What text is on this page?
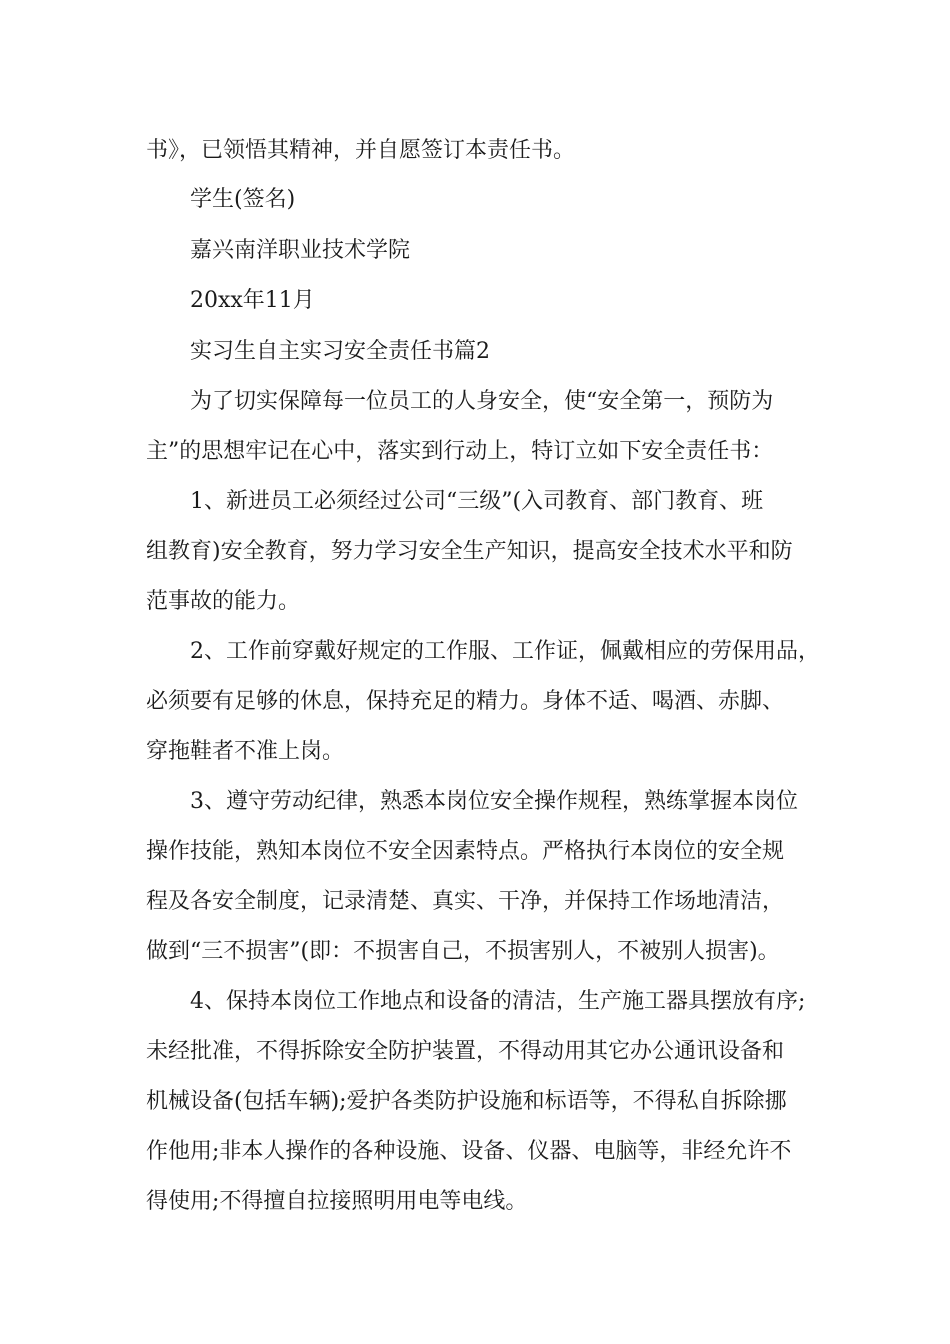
书》，已领悟其精神，并自愿签订本责任书。
学生(签名)
嘉兴南洋职业技术学院
20xx年11月
实习生自主实习安全责任书篇2
为了切实保障每一位员工的人身安全，使“安全第一，预防为
主”的思想牢记在心中，落实到行动上，特订立如下安全责任书：
1、新进员工必须经过公司“三级”(入司教育、部门教育、班
组教育)安全教育，努力学习安全生产知识，提高安全技术水平和防
范事故的能力。
2、工作前穿戴好规定的工作服、工作证，佩戴相应的劳保用品，
必须要有足够的休息，保持充足的精力。身体不适、喝酒、赤脚、
穿拖鞋者不准上岗。
3、遵守劳动纪律，熟悉本岗位安全操作规程，熟练掌握本岗位
操作技能，熟知本岗位不安全因素特点。严格执行本岗位的安全规
程及各安全制度，记录清楚、真实、干净，并保持工作场地清洁，
做到“三不损害”(即：不损害自己，不损害别人，不被别人损害)。
4、保持本岗位工作地点和设备的清洁，生产施工器具摆放有序;
未经批准，不得拆除安全防护装置，不得动用其它办公通讯设备和
机械设备(包括车辆);爱护各类防护设施和标语等，不得私自拆除挪
作他用;非本人操作的各种设施、设备、仪器、电脑等，非经允许不
得使用;不得擅自拉接照明用电等电线。
